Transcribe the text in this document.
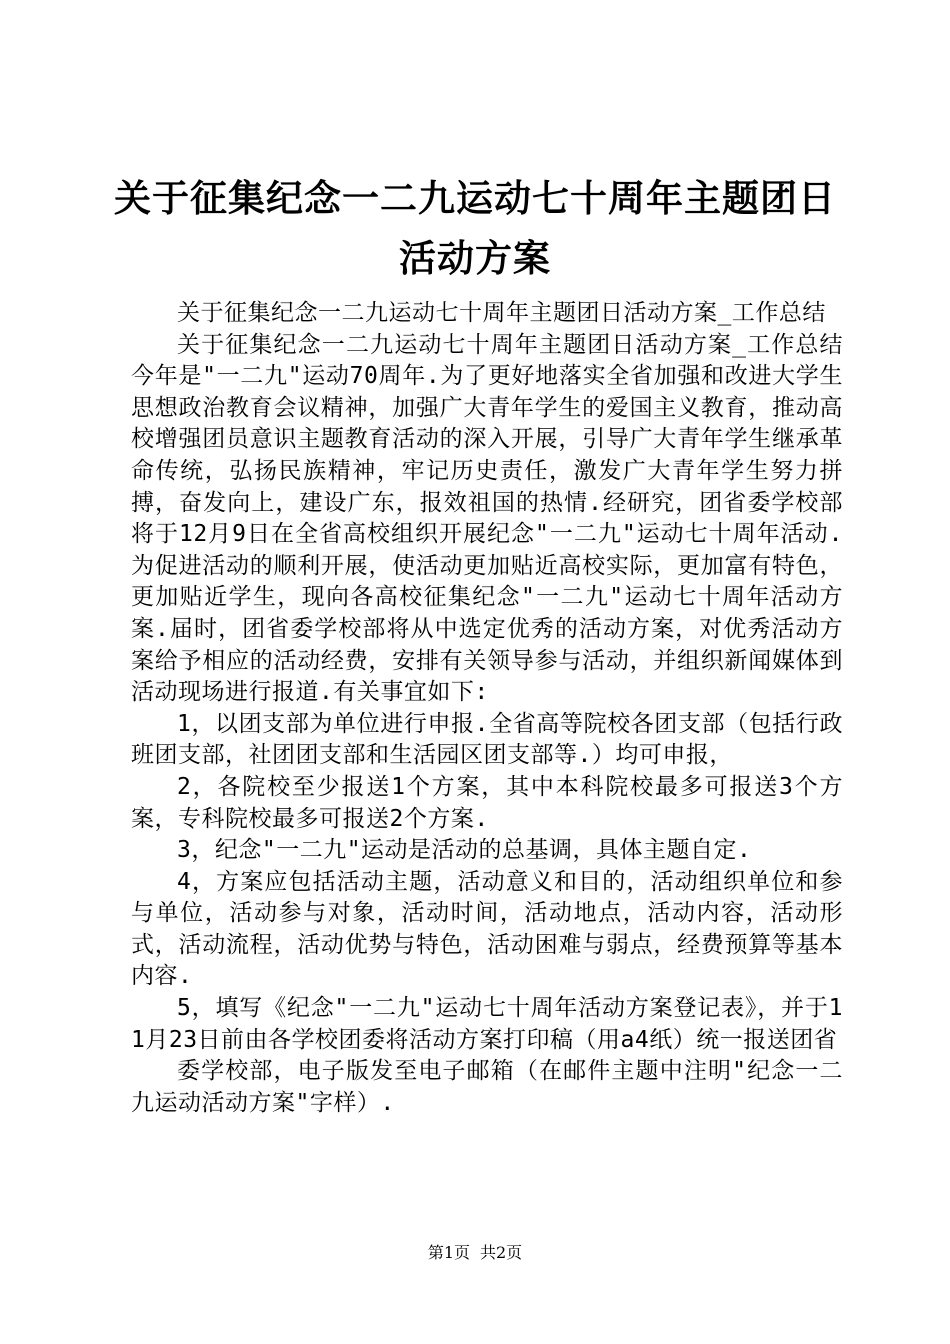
关于征集纪念一二九运动七十周年主题团日活动方案

关于征集纪念一二九运动七十周年主题团日活动方案_工作总结

关于征集纪念一二九运动七十周年主题团日活动方案_工作总结今年是"一二九"运动70周年.为了更好地落实全省加强和改进大学生思想政治教育会议精神，加强广大青年学生的爱国主义教育，推动高校增强团员意识主题教育活动的深入开展，引导广大青年学生继承革命传统，弘扬民族精神，牢记历史责任，激发广大青年学生努力拼搏，奋发向上，建设广东，报效祖国的热情.经研究，团省委学校部将于12月9日在全省高校组织开展纪念"一二九"运动七十周年活动.为促进活动的顺利开展，使活动更加贴近高校实际，更加富有特色，更加贴近学生，现向各高校征集纪念"一二九"运动七十周年活动方案.届时，团省委学校部将从中选定优秀的活动方案，对优秀活动方案给予相应的活动经费，安排有关领导参与活动，并组织新闻媒体到活动现场进行报道.有关事宜如下:

1，以团支部为单位进行申报.全省高等院校各团支部（包括行政班团支部，社团团支部和生活园区团支部等.）均可申报，

2，各院校至少报送1个方案，其中本科院校最多可报送3个方案，专科院校最多可报送2个方案.

3，纪念"一二九"运动是活动的总基调，具体主题自定.

4，方案应包括活动主题，活动意义和目的，活动组织单位和参与单位，活动参与对象，活动时间，活动地点，活动内容，活动形式，活动流程，活动优势与特色，活动困难与弱点，经费预算等基本内容.

5，填写《纪念"一二九"运动七十周年活动方案登记表》，并于11月23日前由各学校团委将活动方案打印稿（用a4纸）统一报送团省

委学校部，电子版发至电子邮箱（在邮件主题中注明"纪念一二九运动活动方案"字样）.

第1页 共2页
